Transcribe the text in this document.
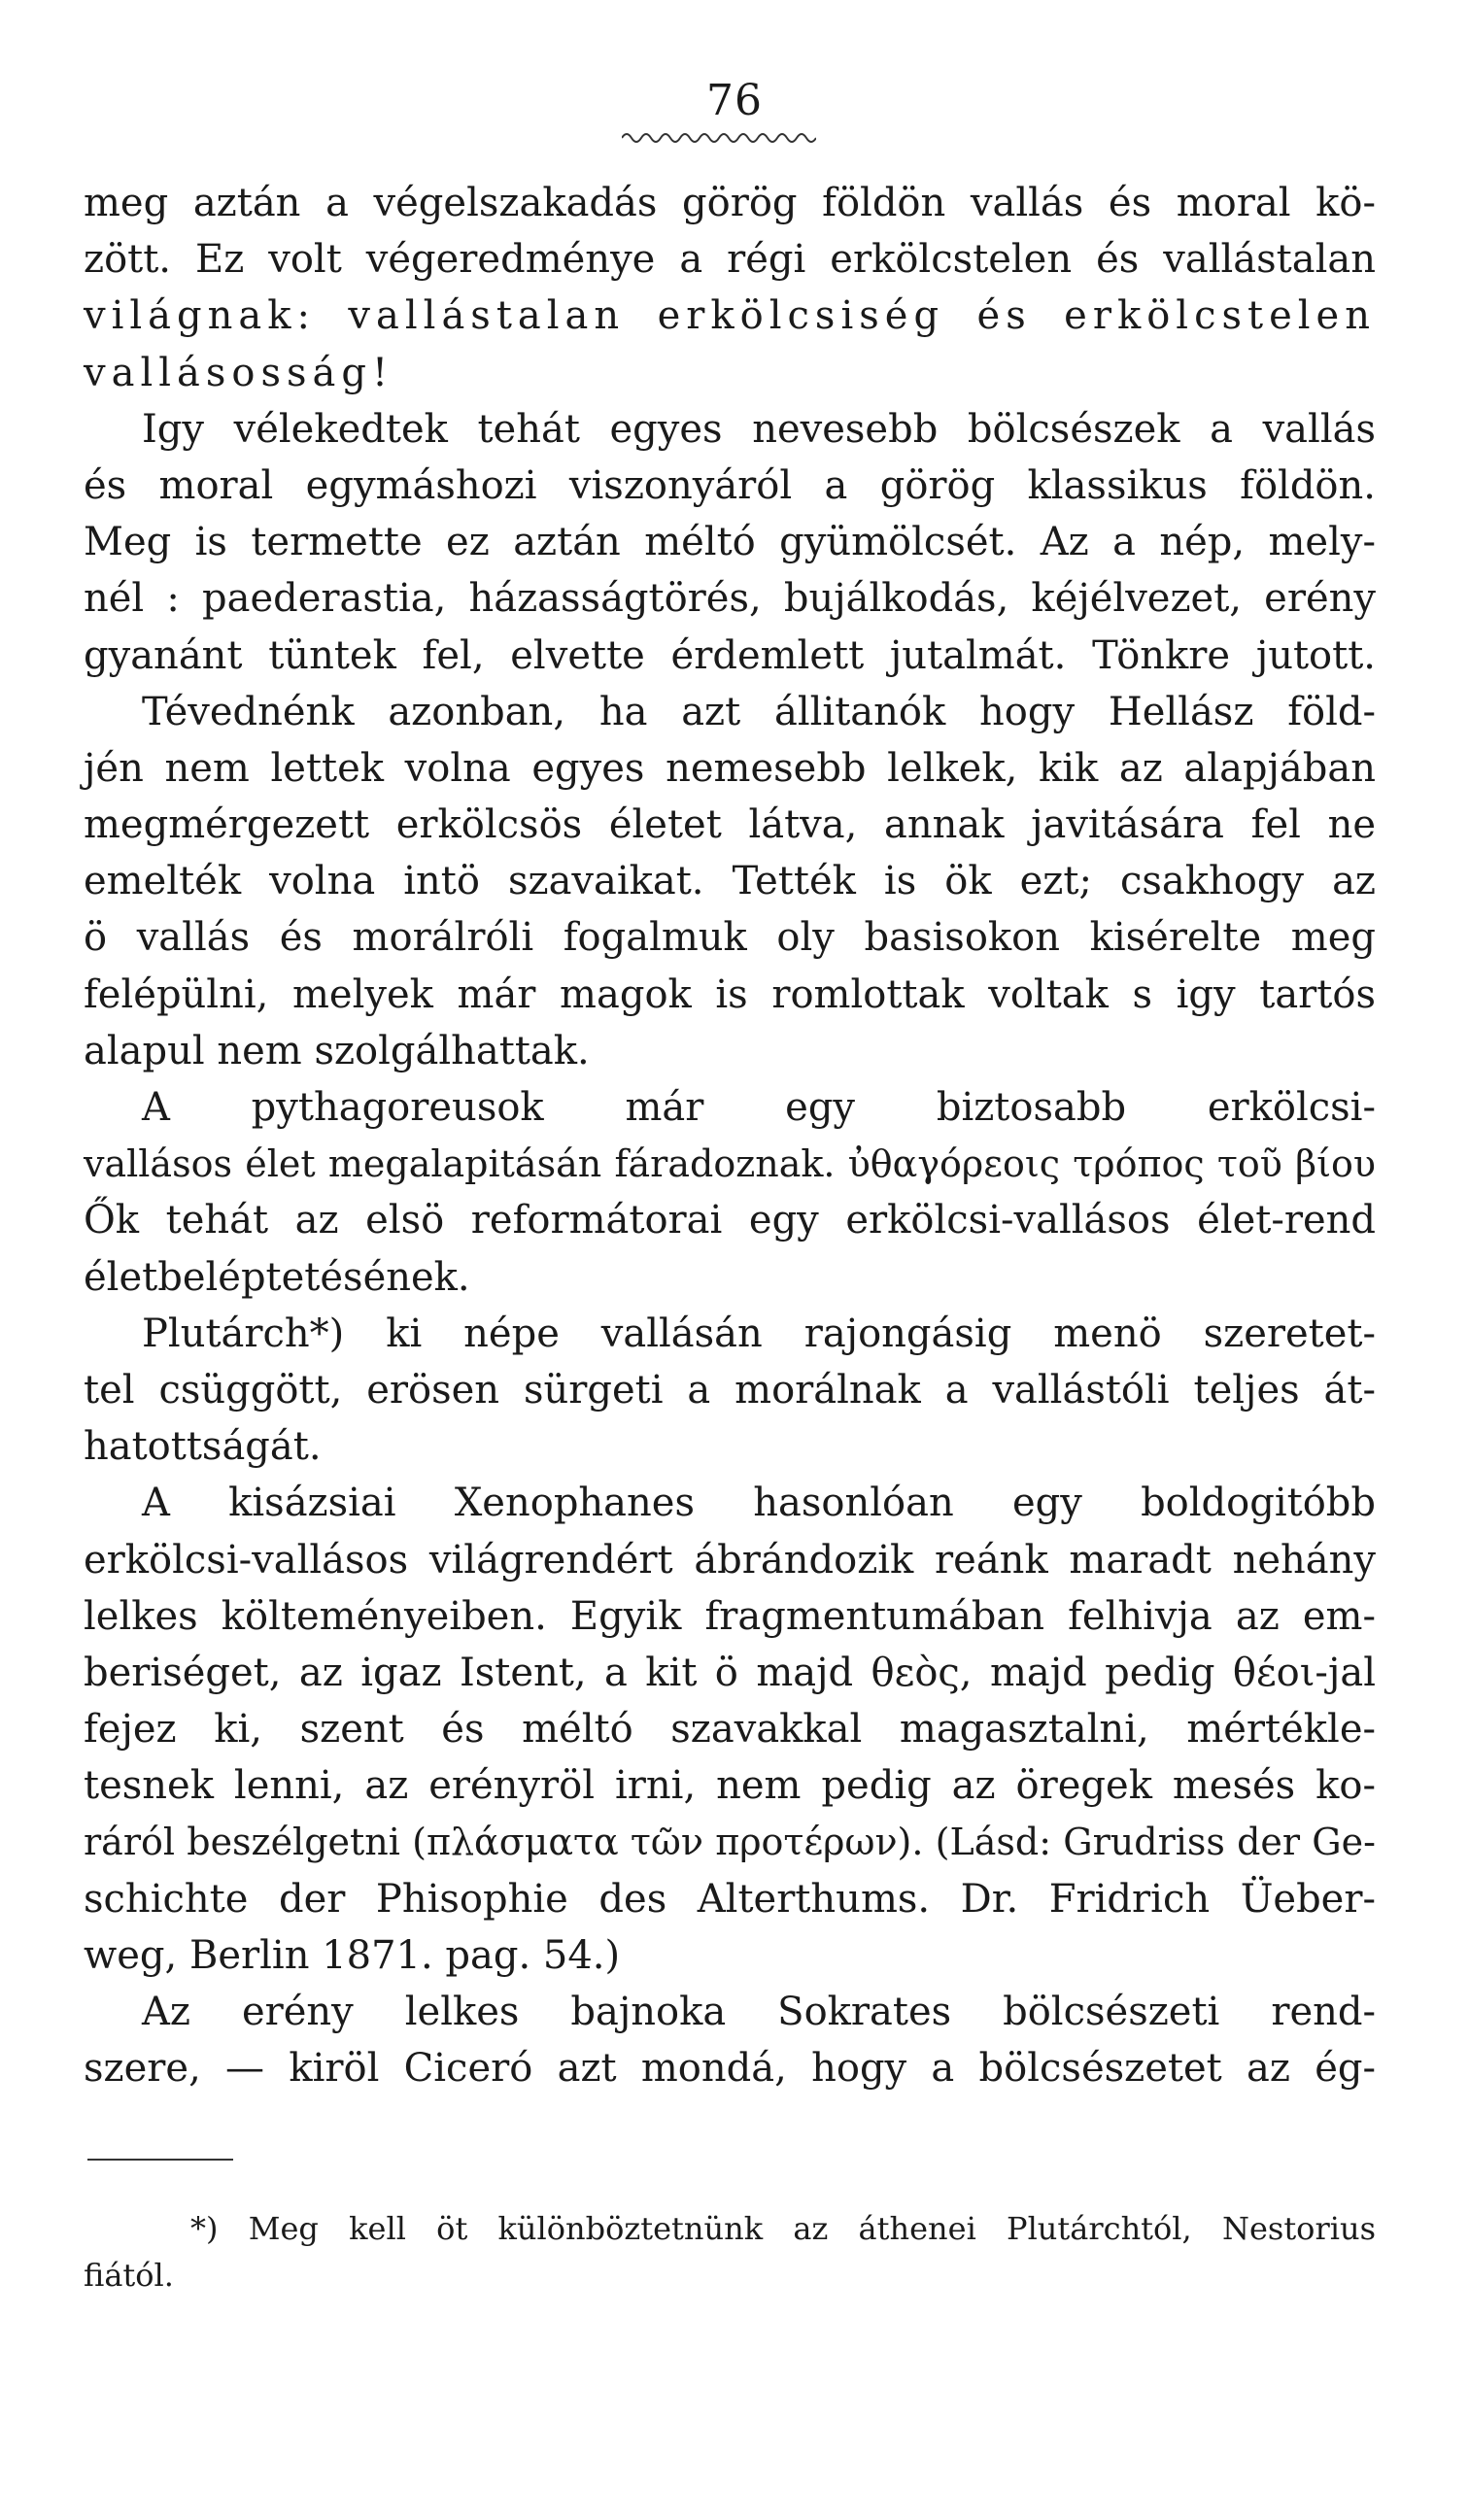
76
meg aztán a végelszakadás görög földön vallás és moral kö-
zött. Ez volt végeredménye a régi erkölcstelen és vallástalan
világnak: vallástalan erkölcsiség és erkölcstelen
vallásosság!
Igy vélekedtek tehát egyes nevesebb bölcsészek a vallás
és moral egymáshozi viszonyáról a görög klassikus földön.
Meg is termette ez aztán méltó gyümölcsét. Az a nép, mely-
nél : paederastia, házasságtörés, bujálkodás, kéjélvezet, erény
gyanánt tüntek fel, elvette érdemlett jutalmát. Tönkre jutott.
Tévednénk azonban, ha azt állitanók hogy Hellász föld-
jén nem lettek volna egyes nemesebb lelkek, kik az alapjában
megmérgezett erkölcsös életet látva, annak javitására fel ne
emelték volna intö szavaikat. Tették is ök ezt; csakhogy az
ö vallás és morálróli fogalmuk oly basisokon kisérelte meg
felépülni, melyek már magok is romlottak voltak s igy tartós
alapul nem szolgálhattak.
A pythagoreusok már egy biztosabb erkölcsi-
vallásos élet megalapitásán fáradoznak. ὐθαγόρεοις τρόπος τοῦ βίου
Ők tehát az elsö reformátorai egy erkölcsi-vallásos élet-rend
életbeléptetésének.
Plutárch*) ki népe vallásán rajongásig menö szeretet-
tel csüggött, erösen sürgeti a morálnak a vallástóli teljes át-
hatottságát.
A kisázsiai Xenophanes hasonlóan egy boldogitóbb
erkölcsi-vallásos világrendért ábrándozik reánk maradt nehány
lelkes költeményeiben. Egyik fragmentumában felhivja az em-
beriséget, az igaz Istent, a kit ö majd θεὸς, majd pedig θέοι-jal
fejez ki, szent és méltó szavakkal magasztalni, mértékle-
tesnek lenni, az erényröl irni, nem pedig az öregek mesés ko-
ráról beszélgetni (πλάσματα τῶν προτέρων). (Lásd: Grudriss der Ge-
schichte der Phisophie des Alterthums. Dr. Fridrich Üeber-
weg, Berlin 1871. pag. 54.)
Az erény lelkes bajnoka Sokrates bölcsészeti rend-
szere, — kiröl Ciceró azt mondá, hogy a bölcsészetet az ég-
*) Meg kell öt különböztetnünk az áthenei Plutárchtól, Nestorius
fiától.
